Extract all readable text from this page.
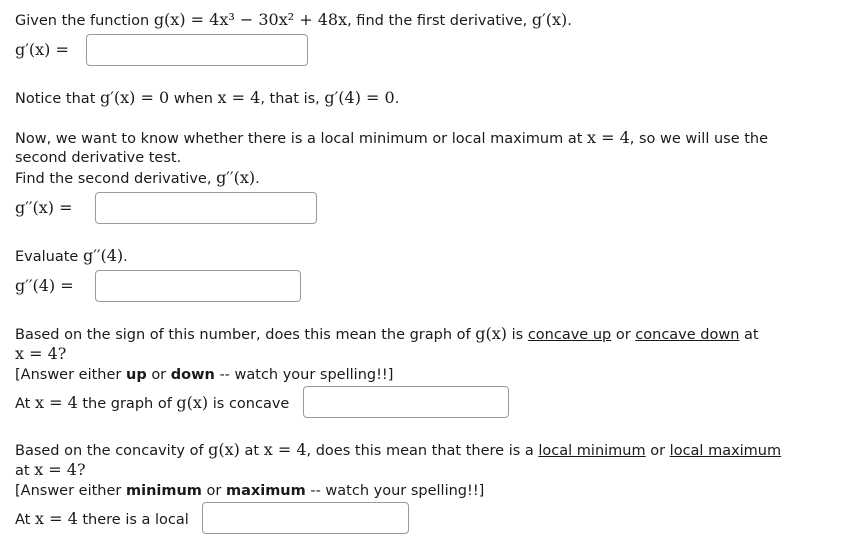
Given the function g(x) = 4x³ − 30x² + 48x, find the first derivative, g′(x).
g′(x) =
Notice that g′(x) = 0 when x = 4, that is, g′(4) = 0.
Now, we want to know whether there is a local minimum or local maximum at x = 4, so we will use the
second derivative test.
Find the second derivative, g′′(x).
g′′(x) =
Evaluate g′′(4).
g′′(4) =
Based on the sign of this number, does this mean the graph of g(x) is concave up or concave down at
x = 4?
[Answer either up or down -- watch your spelling!!]
At x = 4 the graph of g(x) is concave
Based on the concavity of g(x) at x = 4, does this mean that there is a local minimum or local maximum
at x = 4?
[Answer either minimum or maximum -- watch your spelling!!]
At x = 4 there is a local
